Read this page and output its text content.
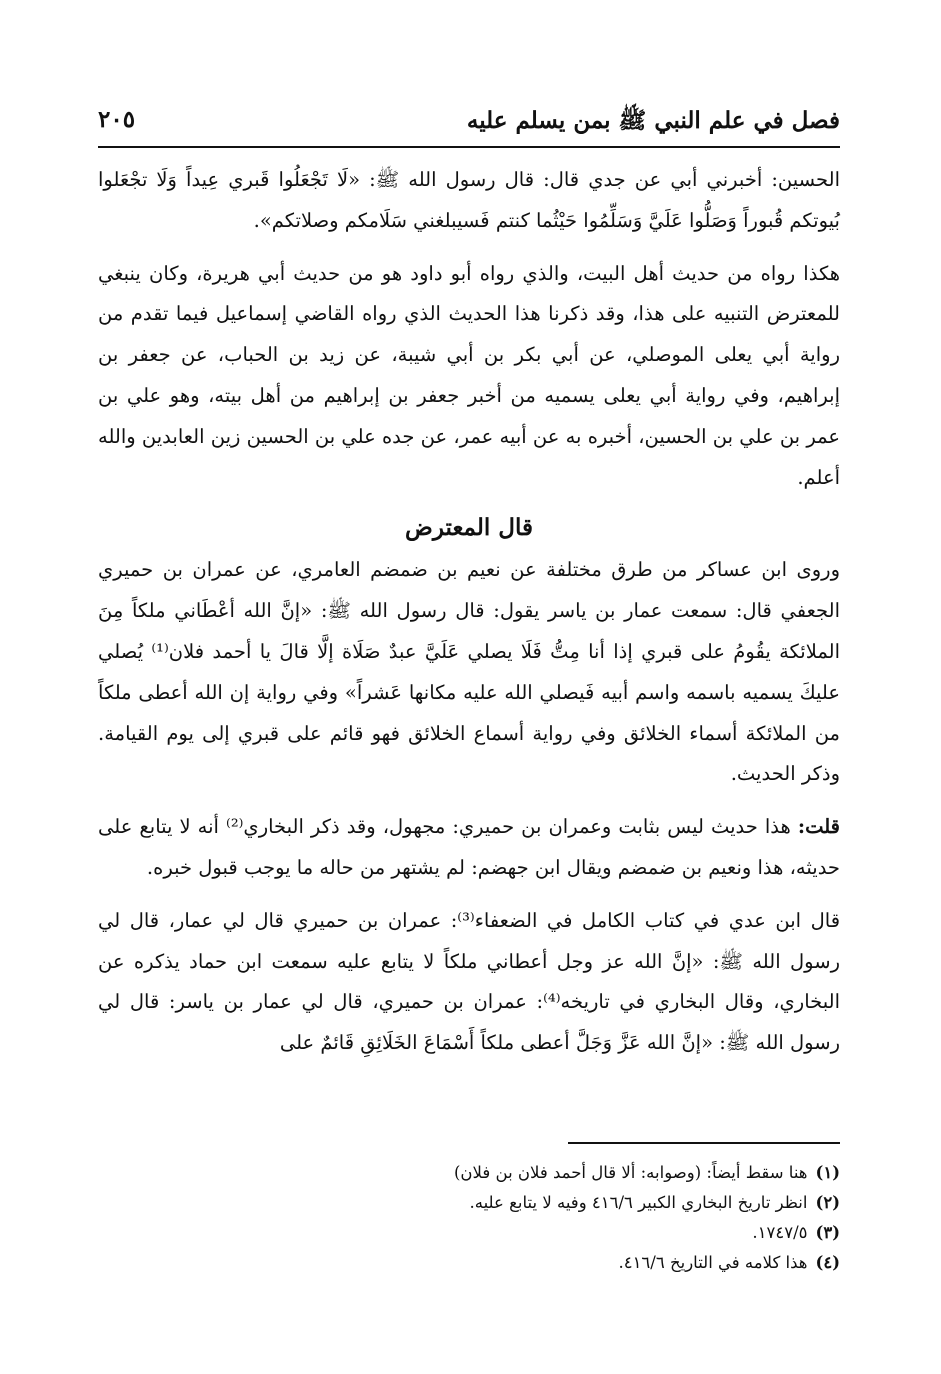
فصل في علم النبي ﷺ بمن يسلم عليه
٢٠٥

الحسين: أخبرني أبي عن جدي قال: قال رسول الله ﷺ: «لَا تَجْعَلُوا قَبري عِيداً وَلَا تجْعَلوا بُيوتكم قُبوراً وَصَلُّوا عَلَيَّ وَسَلِّمُوا حَيْثُما كنتم فَسيبلغني سَلَامكم وصلاتكم».

هكذا رواه من حديث أهل البيت، والذي رواه أبو داود هو من حديث أبي هريرة، وكان ينبغي للمعترض التنبيه على هذا، وقد ذكرنا هذا الحديث الذي رواه القاضي إسماعيل فيما تقدم من رواية أبي يعلى الموصلي، عن أبي بكر بن أبي شيبة، عن زيد بن الحباب، عن جعفر بن إبراهيم، وفي رواية أبي يعلى يسميه من أخبر جعفر بن إبراهيم من أهل بيته، وهو علي بن عمر بن علي بن الحسين، أخبره به عن أبيه عمر، عن جده علي بن الحسين زين العابدين والله أعلم.

قال المعترض

وروى ابن عساكر من طرق مختلفة عن نعيم بن ضمضم العامري، عن عمران بن حميري الجعفي قال: سمعت عمار بن ياسر يقول: قال رسول الله ﷺ: «إنَّ الله أعْطَاني ملكاً مِنَ الملائكة يقُومُ على قبري إذا أنا مِتُّ فَلَا يصلي عَلَيَّ عبدٌ صَلَاة إلَّا قالَ يا أحمد فلان⁽¹⁾ يُصلي عليكَ يسميه باسمه واسم أبيه فَيصلي الله عليه مكانها عَشراً» وفي رواية إن الله أعطى ملكاً من الملائكة أسماء الخلائق وفي رواية أسماع الخلائق فهو قائم على قبري إلى يوم القيامة. وذكر الحديث.

قلت: هذا حديث ليس بثابت وعمران بن حميري: مجهول، وقد ذكر البخاري⁽²⁾ أنه لا يتابع على حديثه، هذا ونعيم بن ضمضم ويقال ابن جهضم: لم يشتهر من حاله ما يوجب قبول خبره.

قال ابن عدي في كتاب الكامل في الضعفاء⁽³⁾: عمران بن حميري قال لي عمار، قال لي رسول الله ﷺ: «إنَّ الله عز وجل أعطاني ملكاً لا يتابع عليه سمعت ابن حماد يذكره عن البخاري، وقال البخاري في تاريخه⁽⁴⁾: عمران بن حميري، قال لي عمار بن ياسر: قال لي رسول الله ﷺ: «إنَّ الله عَزَّ وَجَلَّ أعطى ملكاً أَسْمَاعَ الخَلَائِقِ قَائمٌ على

(١)هنا سقط أيضاً: (وصوابه: ألا قال أحمد فلان بن فلان)

(٢)انظر تاريخ البخاري الكبير ٤١٦/٦ وفيه لا يتابع عليه.

(٣)١٧٤٧/٥.

(٤)هذا كلامه في التاريخ ٤١٦/٦.
